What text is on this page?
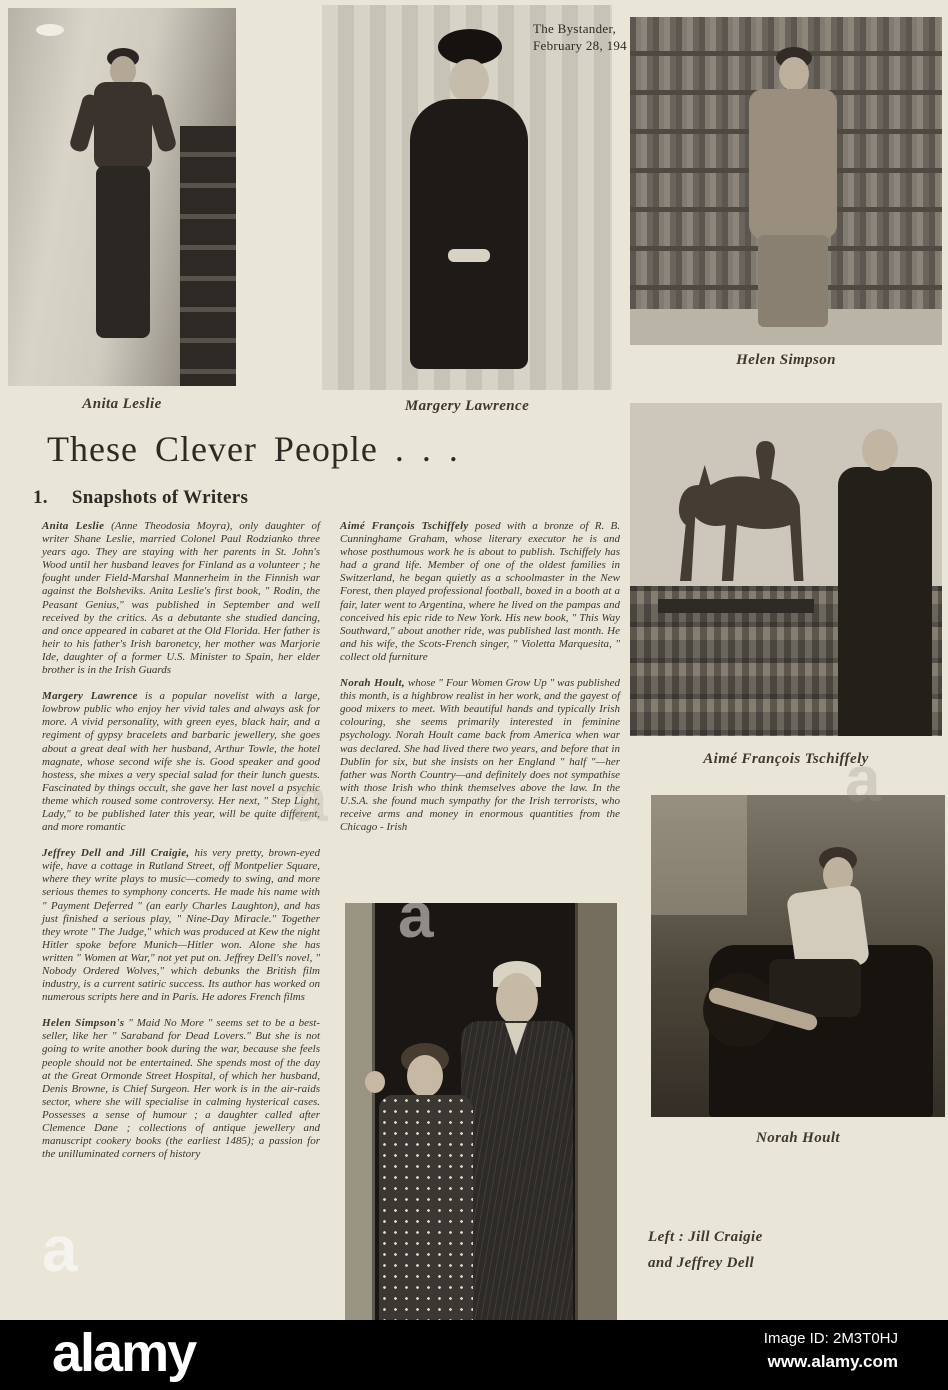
Anita Leslie	Margery Lawrence
The Bystander,
February 28, 194
Helen Simpson
These Clever People . . .
1. Snapshots of Writers

Anita Leslie (Anne Theodosia Moyra), only daughter of writer Shane Leslie, married Colonel Paul Rodzianko three years ago. They are staying with her parents in St. John's Wood until her husband leaves for Finland as a volunteer ; he fought under Field-Marshal Mannerheim in the Finnish war against the Bolsheviks. Anita Leslie's first book, " Rodin, the Peasant Genius," was published in September and well received by the critics. As a debutante she studied dancing, and once appeared in cabaret at the Old Florida. Her father is heir to his father's Irish baronetcy, her mother was Marjorie Ide, daughter of a former U.S. Minister to Spain, her elder brother is in the Irish Guards

Margery Lawrence is a popular novelist with a large, lowbrow public who enjoy her vivid tales and always ask for more. A vivid personality, with green eyes, black hair, and a regiment of gypsy bracelets and barbaric jewellery, she goes about a great deal with her husband, Arthur Towle, the hotel magnate, whose second wife she is. Good speaker and good hostess, she mixes a very special salad for their lunch guests. Fascinated by things occult, she gave her last novel a psychic theme which roused some controversy. Her next, " Step Light, Lady," to be published later this year, will be quite different, and more romantic

Jeffrey Dell and Jill Craigie, his very pretty, brown-eyed wife, have a cottage in Rutland Street, off Montpelier Square, where they write plays to music—comedy to swing, and more serious themes to symphony concerts. He made his name with " Payment Deferred " (an early Charles Laughton), and has just finished a serious play, " Nine-Day Miracle." Together they wrote " The Judge," which was produced at Kew the night Hitler spoke before Munich—Hitler won. Alone she has written " Women at War," not yet put on. Jeffrey Dell's novel, " Nobody Ordered Wolves," which debunks the British film industry, is a current satiric success. Its author has worked on numerous scripts here and in Paris. He adores French films

Helen Simpson's " Maid No More " seems set to be a best-seller, like her " Saraband for Dead Lovers." But she is not going to write another book during the war, because she feels people should not be entertained. She spends most of the day at the Great Ormonde Street Hospital, of which her husband, Denis Browne, is Chief Surgeon. Her work is in the air-raids sector, where she will specialise in calming hysterical cases. Possesses a sense of humour ; a daughter called after Clemence Dane ; collections of antique jewellery and manuscript cookery books (the earliest 1485); a passion for the unilluminated corners of history

Aimé François Tschiffely posed with a bronze of R. B. Cunninghame Graham, whose literary executor he is and whose posthumous work he is about to publish. Tschiffely has had a grand life. Member of one of the oldest families in Switzerland, he began quietly as a schoolmaster in the New Forest, then played professional football, boxed in a booth at a fair, later went to Argentina, where he lived on the pampas and conceived his epic ride to New York. His new book, " This Way Southward," about another ride, was published last month. He and his wife, the Scots-French singer, " Violetta Marquesita, " collect old furniture

Norah Hoult, whose " Four Women Grow Up " was published this month, is a highbrow realist in her work, and the gayest of good mixers to meet. With beautiful hands and typically Irish colouring, she seems primarily interested in feminine psychology. Norah Hoult came back from America when war was declared. She had lived there two years, and before that in Dublin for six, but she insists on her England " half "—her father was North Country—and definitely does not sympathise with those Irish who think themselves above the law. In the U.S.A. she found much sympathy for the Irish terrorists, who receive arms and money in enormous quantities from the Chicago - Irish

Aimé François Tschiffely
Norah Hoult
Left : Jill Craigie
and Jeffrey Dell
a
a
a
a
alamy	Image ID: 2M3T0HJ
www.alamy.com
